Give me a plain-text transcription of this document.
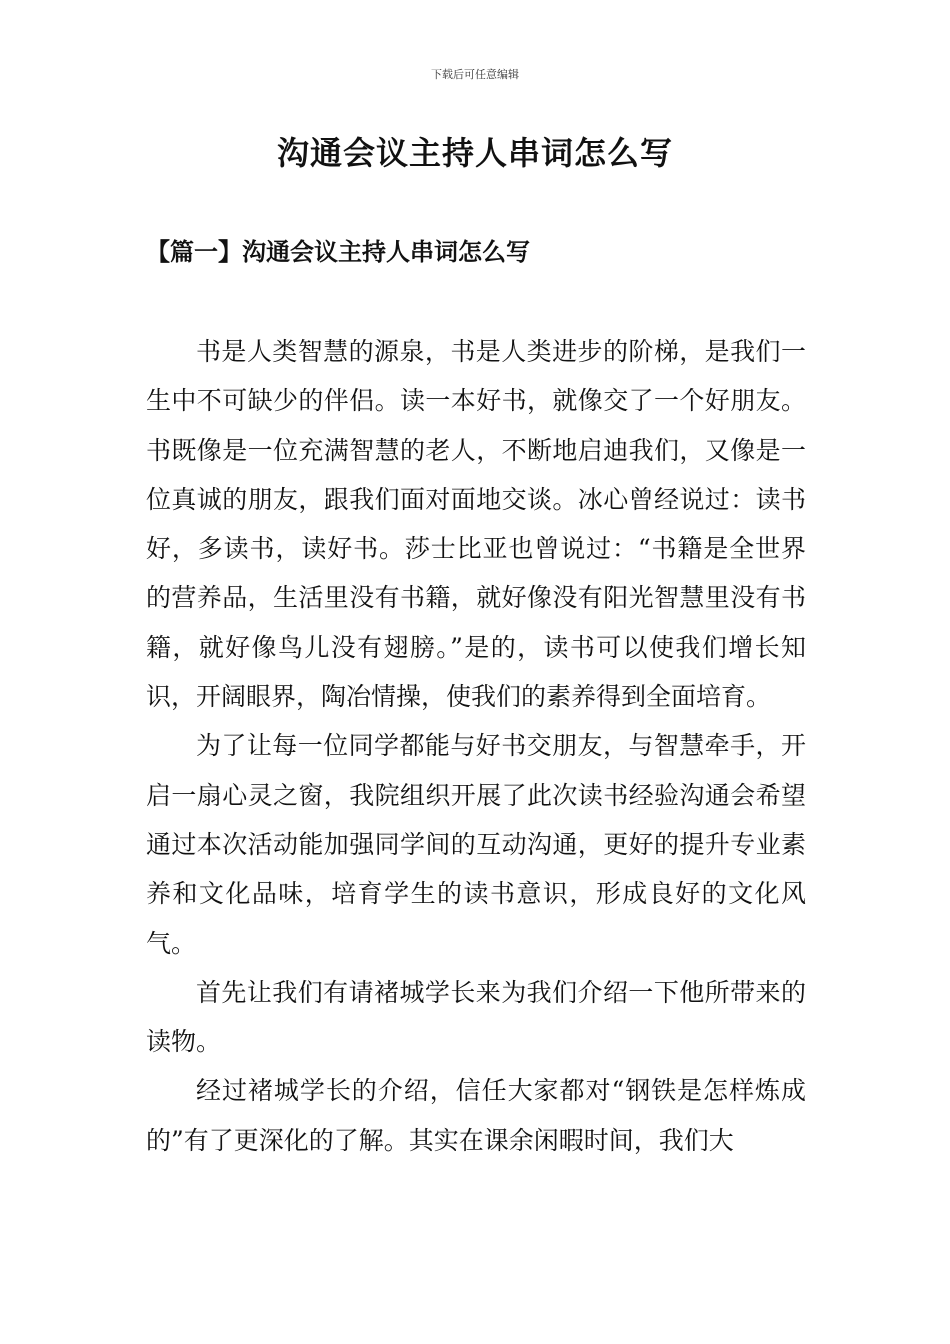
下载后可任意编辑
沟通会议主持人串词怎么写
【篇一】沟通会议主持人串词怎么写

书是人类智慧的源泉，书是人类进步的阶梯，是我们一生中不可缺少的伴侣。读一本好书，就像交了一个好朋友。书既像是一位充满智慧的老人，不断地启迪我们，又像是一位真诚的朋友，跟我们面对面地交谈。冰心曾经说过：读书好，多读书，读好书。莎士比亚也曾说过：“书籍是全世界的营养品，生活里没有书籍，就好像没有阳光智慧里没有书籍，就好像鸟儿没有翅膀。”是的，读书可以使我们增长知识，开阔眼界，陶冶情操，使我们的素养得到全面培育。

为了让每一位同学都能与好书交朋友，与智慧牵手，开启一扇心灵之窗，我院组织开展了此次读书经验沟通会希望通过本次活动能加强同学间的互动沟通，更好的提升专业素养和文化品味，培育学生的读书意识，形成良好的文化风气。

首先让我们有请褚城学长来为我们介绍一下他所带来的读物。

经过褚城学长的介绍，信任大家都对“钢铁是怎样炼成的”有了更深化的了解。其实在课余闲暇时间，我们大
